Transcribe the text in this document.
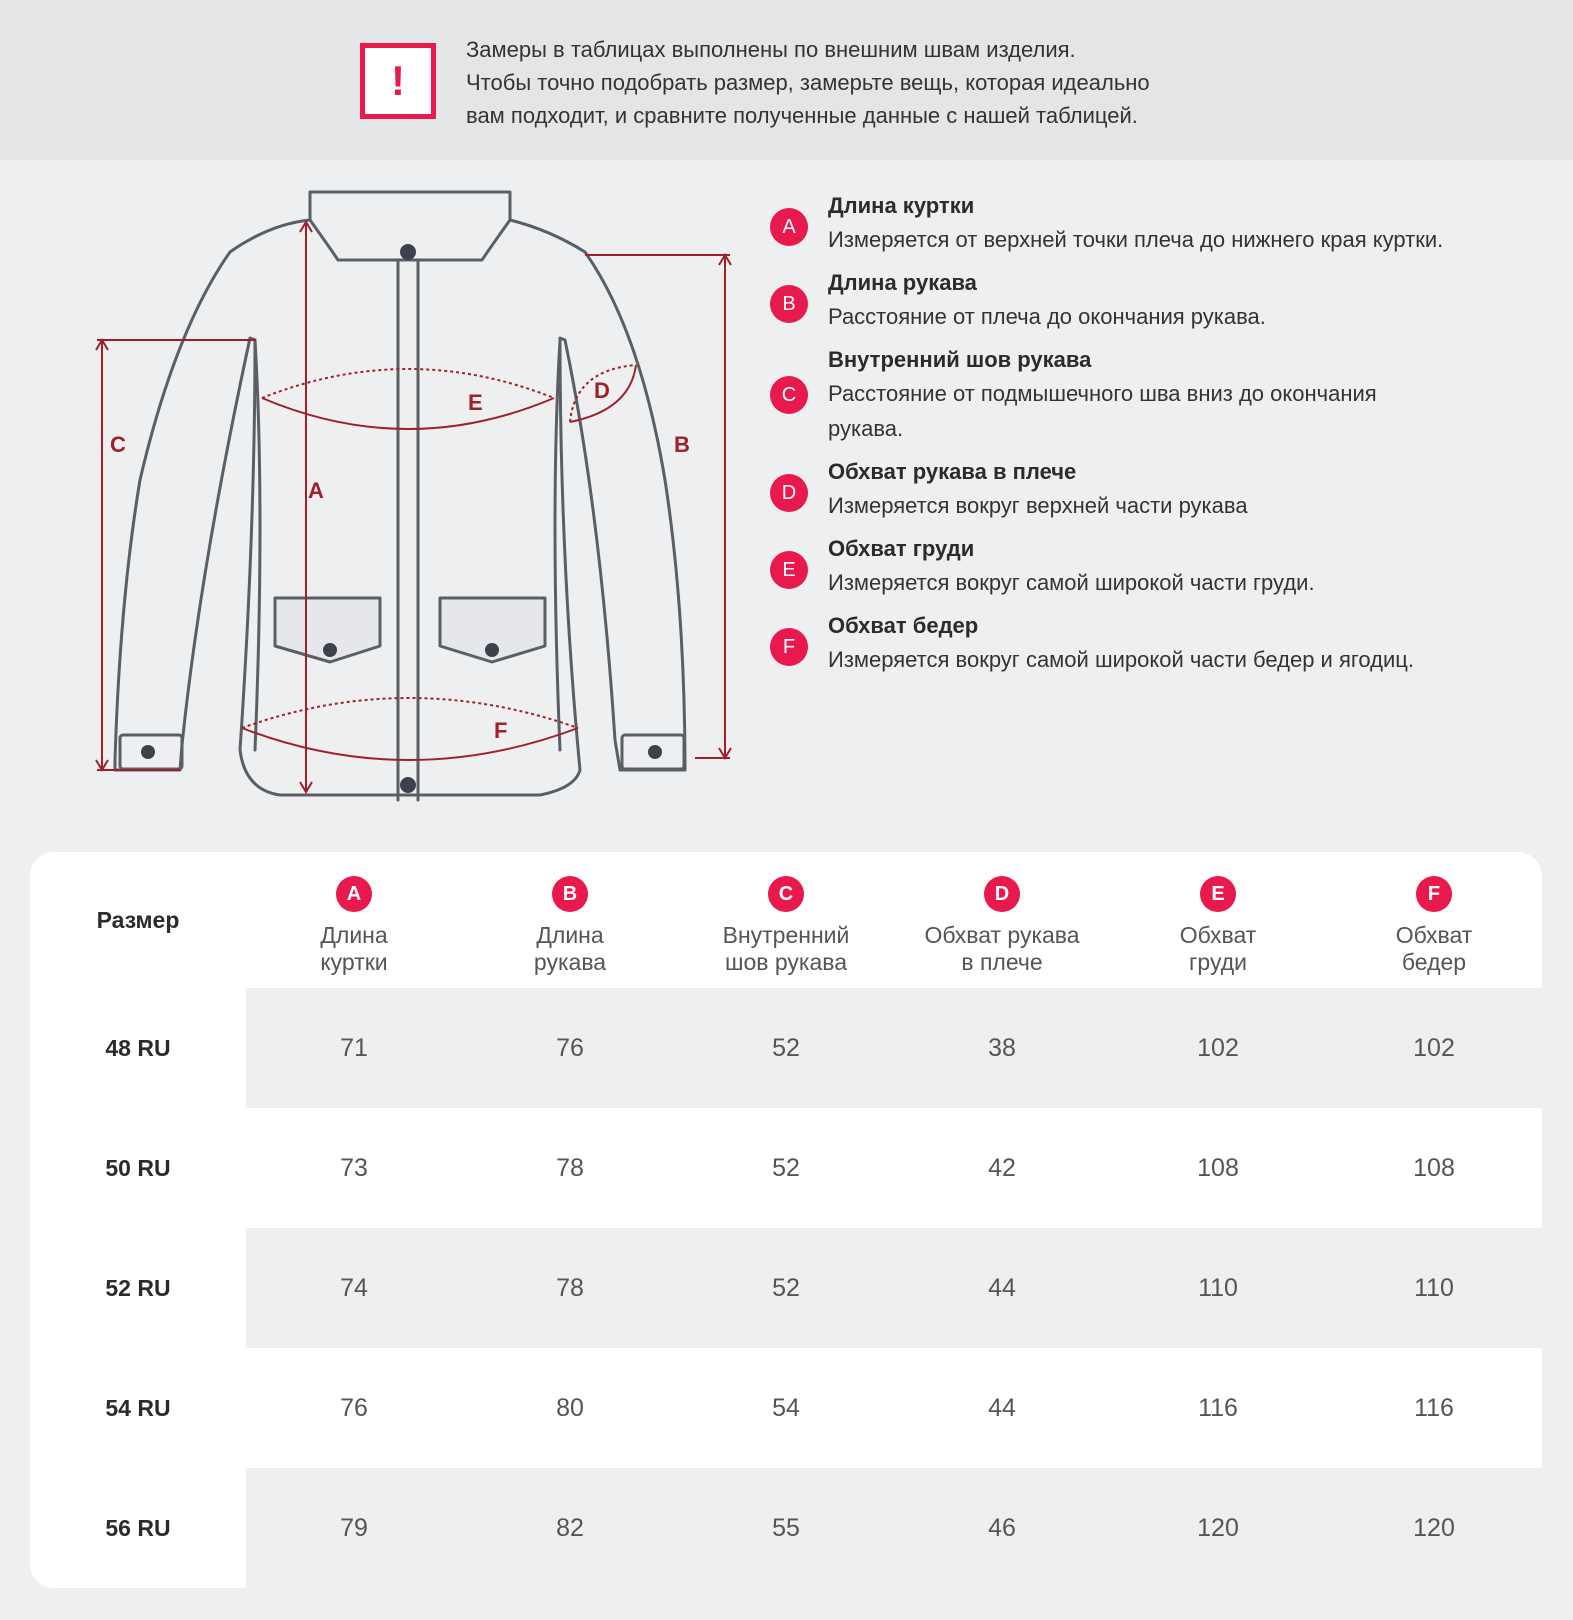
!
Замеры в таблицах выполнены по внешним швам изделия.
Чтобы точно подобрать размер, замерьте вещь, которая идеально
вам подходит, и сравните полученные данные с нашей таблицей.
A
B
C
D
E
F
A
Длина куртки
Измеряется от верхней точки плеча до нижнего края куртки.
B
Длина рукава
Расстояние от плеча до окончания рукава.
C
Внутренний шов рукава
Расстояние от подмышечного шва вниз до окончания
рукава.
D
Обхват рукава в плече
Измеряется вокруг верхней части рукава
E
Обхват груди
Измеряется вокруг самой широкой части груди.
F
Обхват бедер
Измеряется вокруг самой широкой части бедер и ягодиц.
Размер
A
Длина
куртки
B
Длина
рукава
C
Внутренний
шов рукава
D
Обхват рукава
в плече
E
Обхват
груди
F
Обхват
бедер
48 RU	71	76	52	38	102	102
50 RU	73	78	52	42	108	108
52 RU	74	78	52	44	110	110
54 RU	76	80	54	44	116	116
56 RU	79	82	55	46	120	120
